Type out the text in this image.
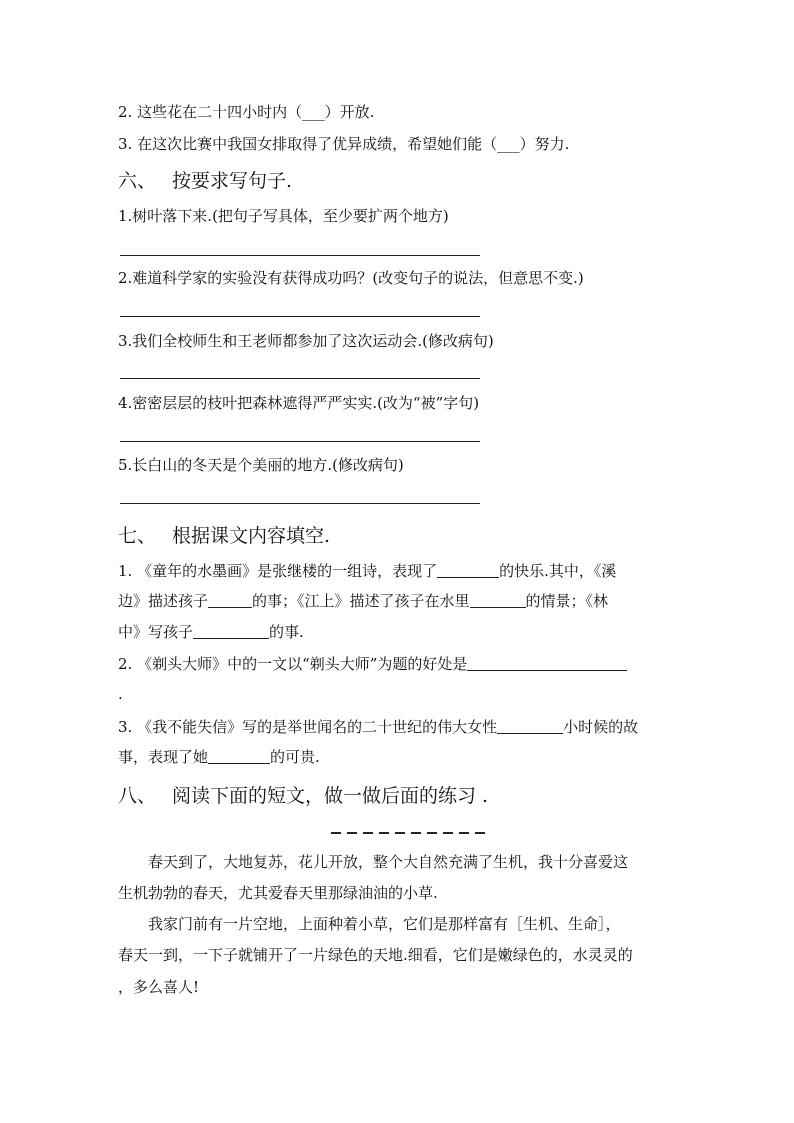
2. 这些花在二十四小时内（___）开放.
3. 在这次比赛中我国女排取得了优异成绩，希望她们能（___）努力.
六、 按要求写句子.
1.树叶落下来.(把句子写具体，至少要扩两个地方)
2.难道科学家的实验没有获得成功吗？(改变句子的说法，但意思不变.)
3.我们全校师生和王老师都参加了这次运动会.(修改病句)
4.密密层层的枝叶把森林遮得严严实实.(改为“被”字句)
5.长白山的冬天是个美丽的地方.(修改病句)
七、 根据课文内容填空.
1. 《童年的水墨画》是张继楼的一组诗，表现了	的快乐.其中，《溪
边》描述孩子	的事；《江上》描述了孩子在水里	的情景；《林
中》写孩子	的事.
2. 《剃头大师》中的一文以“剃头大师”为题的好处是
.
3. 《我不能失信》写的是举世闻名的二十世纪的伟大女性	小时候的故
事，表现了她	的可贵.
八、 阅读下面的短文，做一做后面的练习 .
春天到了，大地复苏，花儿开放，整个大自然充满了生机，我十分喜爱这
生机勃勃的春天，尤其爱春天里那绿油油的小草.
我家门前有一片空地，上面种着小草，它们是那样富有［生机、生命］，
春天一到，一下子就铺开了一片绿色的天地.细看，它们是嫩绿色的，水灵灵的
，多么喜人!
